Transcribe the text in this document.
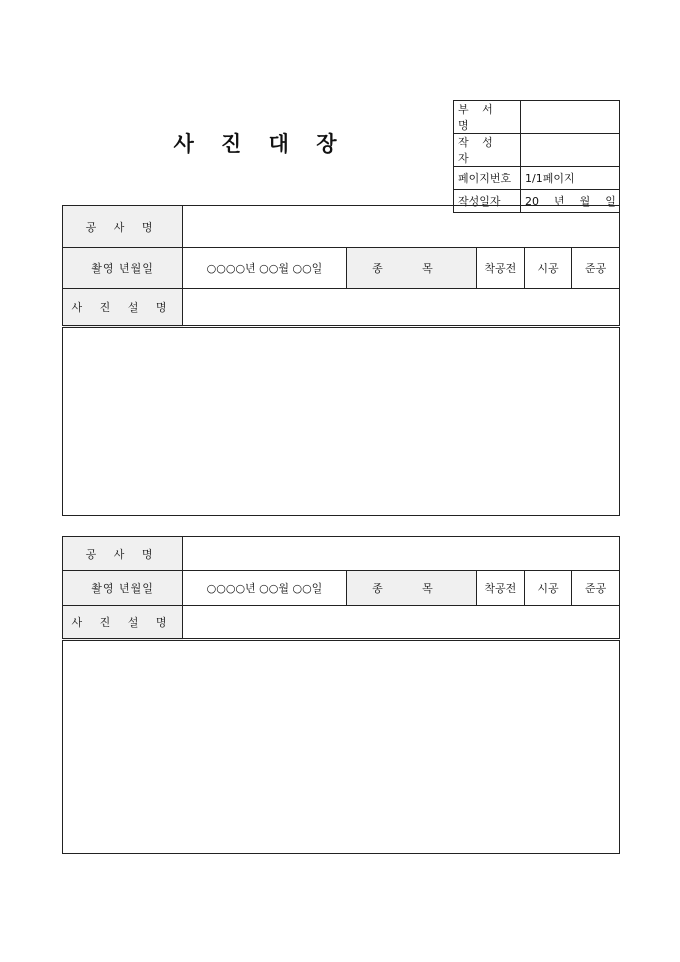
사 진 대 장
부 서 명	
작 성 자	
페이지번호	1/1페이지
작성일자	20  년  월  일
공 사 명					
촬영 년월일	○○○○년 ○○월 ○○일	종 목	착공전	시공	준공
사 진 설 명					

공 사 명					
촬영 년월일	○○○○년 ○○월 ○○일	종 목	착공전	시공	준공
사 진 설 명					
